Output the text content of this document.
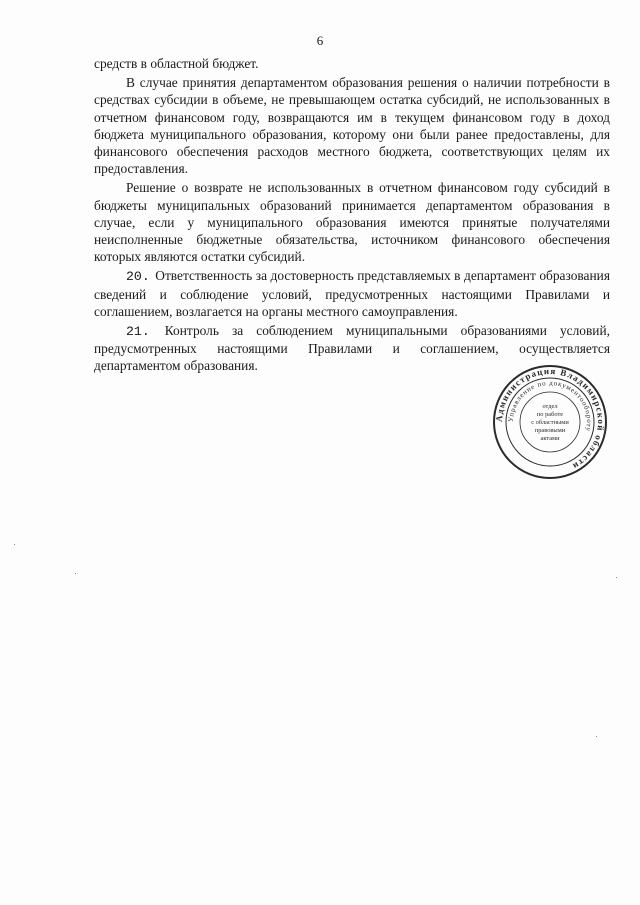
6

средств в областной бюджет.

В случае принятия департаментом образования решения о наличии потребности в средствах субсидии в объеме, не превышающем остатка субсидий, не использованных в отчетном финансовом году, возвращаются им в текущем финансовом году в доход бюджета муниципального образования, которому они были ранее предоставлены, для финансового обеспечения расходов местного бюджета, соответствующих целям их предоставления.

Решение о возврате не использованных в отчетном финансовом году субсидий в бюджеты муниципальных образований принимается департаментом образования в случае, если у муниципального образования имеются принятые получателями неисполненные бюджетные обязательства, источником финансового обеспечения которых являются остатки субсидий.

20. Ответственность за достоверность представляемых в департамент образования сведений и соблюдение условий, предусмотренных настоящими Правилами и соглашением, возлагается на органы местного самоуправления.

21. Контроль за соблюдением муниципальными образованиями условий, предусмотренных настоящими Правилами и соглашением, осуществляется департаментом образования.

Администрация Владимирской области
Управление по документообороту
отдел
по работе
с областными
правовыми
актами
